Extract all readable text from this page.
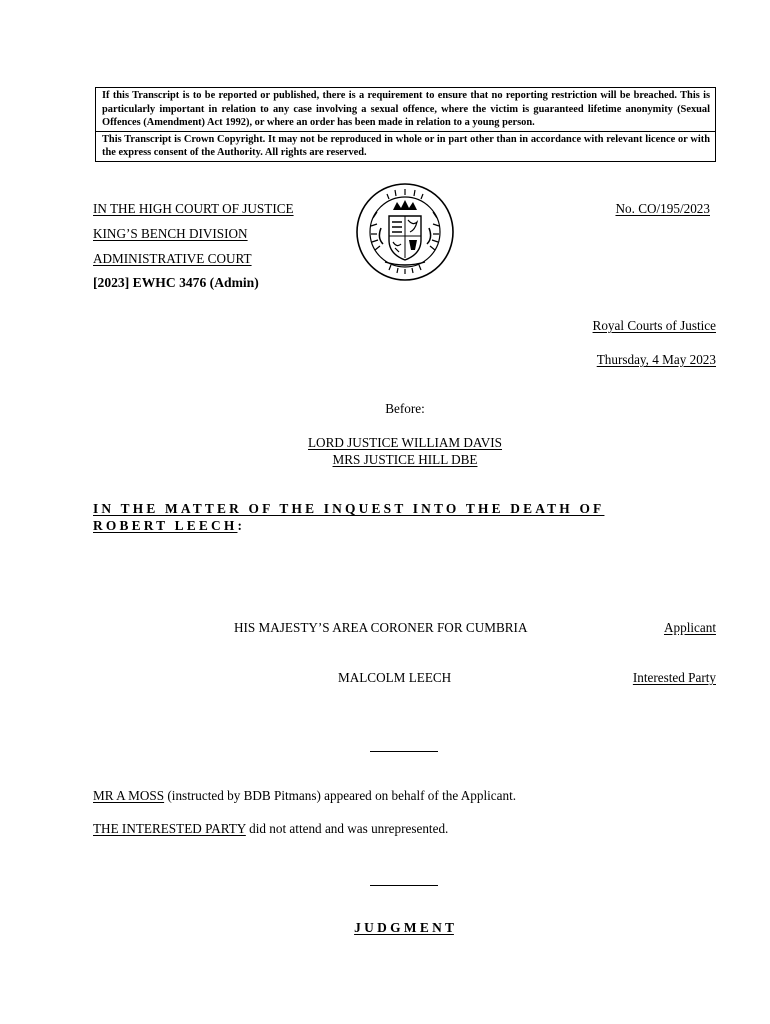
If this Transcript is to be reported or published, there is a requirement to ensure that no reporting restriction will be breached. This is particularly important in relation to any case involving a sexual offence, where the victim is guaranteed lifetime anonymity (Sexual Offences (Amendment) Act 1992), or where an order has been made in relation to a young person.
This Transcript is Crown Copyright. It may not be reproduced in whole or in part other than in accordance with relevant licence or with the express consent of the Authority. All rights are reserved.
IN THE HIGH COURT OF JUSTICE
KING’S BENCH DIVISION
ADMINISTRATIVE COURT
[2023] EWHC 3476 (Admin)
No. CO/195/2023
Royal Courts of Justice
Thursday, 4 May 2023
Before:
LORD JUSTICE WILLIAM DAVIS
MRS JUSTICE HILL DBE
IN THE MATTER OF THE INQUEST INTO THE DEATH OF
ROBERT LEECH:
HIS MAJESTY’S AREA CORONER FOR CUMBRIA	Applicant
MALCOLM LEECH	Interested Party
MR A MOSS (instructed by BDB Pitmans) appeared on behalf of the Applicant.
THE INTERESTED PARTY did not attend and was unrepresented.
J U D G M E N T
